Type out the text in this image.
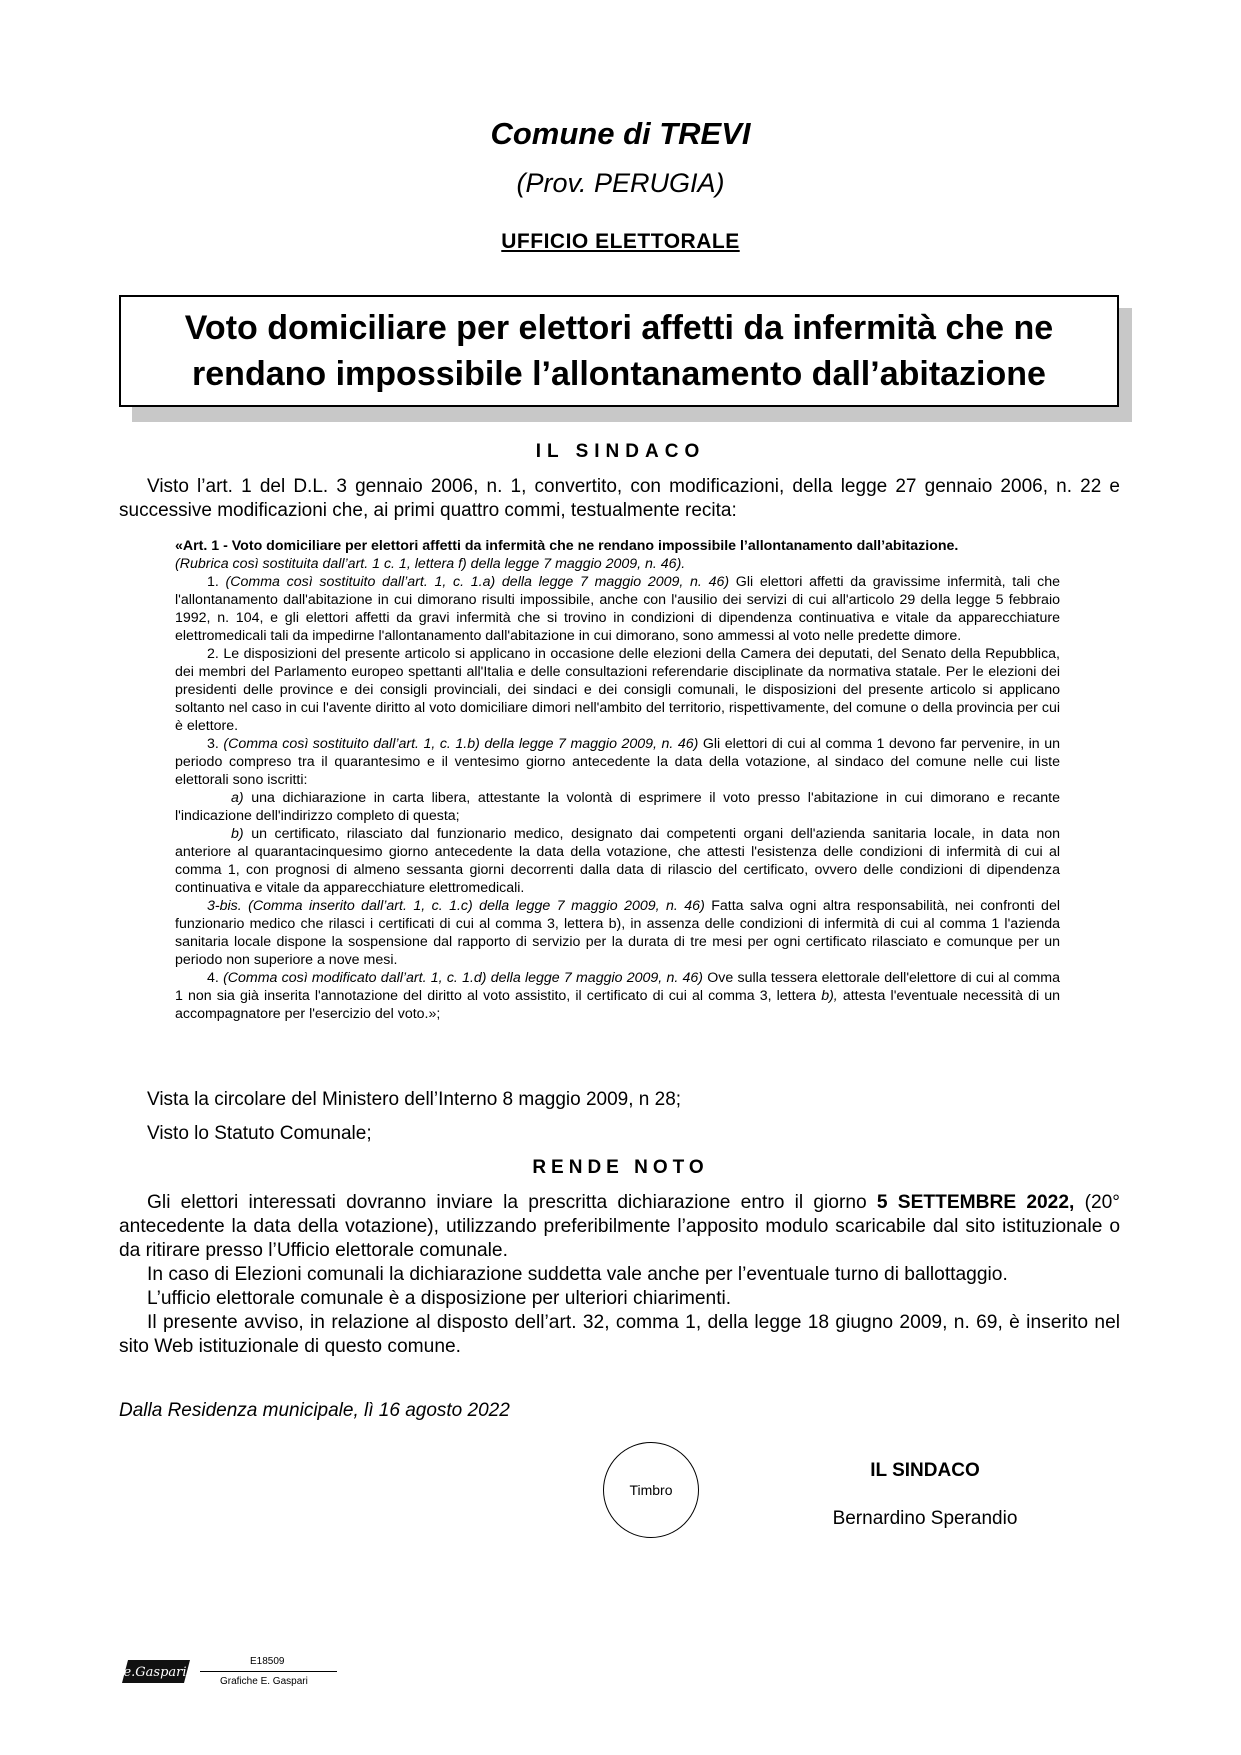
Comune di TREVI
(Prov. PERUGIA)
UFFICIO ELETTORALE
Voto domiciliare per elettori affetti da infermità che ne
rendano impossibile l’allontanamento dall’abitazione
IL SINDACO
Visto l’art. 1 del D.L. 3 gennaio 2006, n. 1, convertito, con modificazioni, della legge 27 gennaio 2006, n. 22 e successive modificazioni che, ai primi quattro commi, testualmente recita:

«Art. 1 - Voto domiciliare per elettori affetti da infermità che ne rendano impossibile l’allontanamento dall’abitazione.

(Rubrica così sostituita dall’art. 1 c. 1, lettera f) della legge 7 maggio 2009, n. 46).

1. (Comma così sostituito dall’art. 1, c. 1.a) della legge 7 maggio 2009, n. 46) Gli elettori affetti da gravissime infermità, tali che l'allontanamento dall'abitazione in cui dimorano risulti impossibile, anche con l'ausilio dei servizi di cui all'articolo 29 della legge 5 febbraio 1992, n. 104, e gli elettori affetti da gravi infermità che si trovino in condizioni di dipendenza continuativa e vitale da apparecchiature elettromedicali tali da impedirne l'allontanamento dall'abitazione in cui dimorano, sono ammessi al voto nelle predette dimore.

2. Le disposizioni del presente articolo si applicano in occasione delle elezioni della Camera dei deputati, del Senato della Repubblica, dei membri del Parlamento europeo spettanti all'Italia e delle consultazioni referendarie disciplinate da normativa statale. Per le elezioni dei presidenti delle province e dei consigli provinciali, dei sindaci e dei consigli comunali, le disposizioni del presente articolo si applicano soltanto nel caso in cui l'avente diritto al voto domiciliare dimori nell'ambito del territorio, rispettivamente, del comune o della provincia per cui è elettore.

3. (Comma così sostituito dall’art. 1, c. 1.b) della legge 7 maggio 2009, n. 46) Gli elettori di cui al comma 1 devono far pervenire, in un periodo compreso tra il quarantesimo e il ventesimo giorno antecedente la data della votazione, al sindaco del comune nelle cui liste elettorali sono iscritti:

a) una dichiarazione in carta libera, attestante la volontà di esprimere il voto presso l'abitazione in cui dimorano e recante l'indicazione dell'indirizzo completo di questa;

b) un certificato, rilasciato dal funzionario medico, designato dai competenti organi dell'azienda sanitaria locale, in data non anteriore al quarantacinquesimo giorno antecedente la data della votazione, che attesti l'esistenza delle condizioni di infermità di cui al comma 1, con prognosi di almeno sessanta giorni decorrenti dalla data di rilascio del certificato, ovvero delle condizioni di dipendenza continuativa e vitale da apparecchiature elettromedicali.

3-bis. (Comma inserito dall’art. 1, c. 1.c) della legge 7 maggio 2009, n. 46) Fatta salva ogni altra responsabilità, nei confronti del funzionario medico che rilasci i certificati di cui al comma 3, lettera b), in assenza delle condizioni di infermità di cui al comma 1 l'azienda sanitaria locale dispone la sospensione dal rapporto di servizio per la durata di tre mesi per ogni certificato rilasciato e comunque per un periodo non superiore a nove mesi.

4. (Comma così modificato dall’art. 1, c. 1.d) della legge 7 maggio 2009, n. 46) Ove sulla tessera elettorale dell'elettore di cui al comma 1 non sia già inserita l'annotazione del diritto al voto assistito, il certificato di cui al comma 3, lettera b), attesta l'eventuale necessità di un accompagnatore per l'esercizio del voto.»;

Vista la circolare del Ministero dell’Interno 8 maggio 2009, n 28;
Visto lo Statuto Comunale;
RENDE NOTO

Gli elettori interessati dovranno inviare la prescritta dichiarazione entro il giorno 5 SETTEMBRE 2022, (20° antecedente la data della votazione), utilizzando preferibilmente l’apposito modulo scaricabile dal sito istituzionale o da ritirare presso l’Ufficio elettorale comunale.

In caso di Elezioni comunali la dichiarazione suddetta vale anche per l’eventuale turno di ballottaggio.

L’ufficio elettorale comunale è a disposizione per ulteriori chiarimenti.

Il presente avviso, in relazione al disposto dell’art. 32, comma 1, della legge 18 giugno 2009, n. 69, è inserito nel sito Web istituzionale di questo comune.

Dalla Residenza municipale, lì 16 agosto 2022
Timbro
IL SINDACO
Bernardino Sperandio
e.Gaspari
E18509
Grafiche E. Gaspari
